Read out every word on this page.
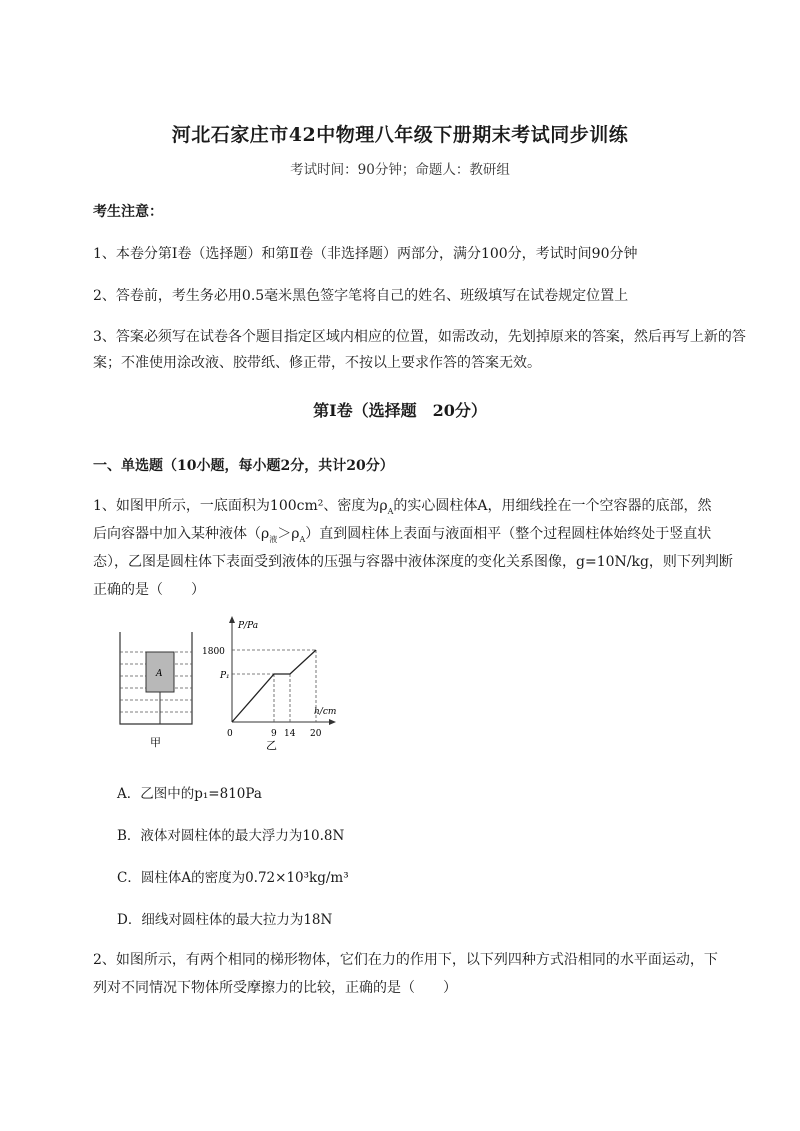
河北石家庄市42中物理八年级下册期末考试同步训练
考试时间：90分钟；命题人：教研组
考生注意：
1、本卷分第I卷（选择题）和第Ⅱ卷（非选择题）两部分，满分100分，考试时间90分钟
2、答卷前，考生务必用0.5毫米黑色签字笔将自己的姓名、班级填写在试卷规定位置上
3、答案必须写在试卷各个题目指定区域内相应的位置，如需改动，先划掉原来的答案，然后再写上新的答案；不准使用涂改液、胶带纸、修正带，不按以上要求作答的答案无效。
第I卷（选择题　20分）
一、单选题（10小题，每小题2分，共计20分）
1、如图甲所示，一底面积为100cm²、密度为$\rho_A$的实心圆柱体A，用细线拴在一个空容器的底部，然
后向容器中加入某种液体$(\rho_液>\rho_A)$直到圆柱体上表面与液面相平（整个过程圆柱体始终处于竖直状
态），乙图是圆柱体下表面受到液体的压强与容器中液体深度的变化关系图像，g=10N/kg，则下列判断
正确的是（　　）
A
甲
P/Pa
h/cm
1800
P₁
0	9 14 20
乙
A．乙图中的p₁=810Pa
B．液体对圆柱体的最大浮力为10.8N
C．圆柱体A的密度为0.72×10³kg/m³
D．细线对圆柱体的最大拉力为18N
2、如图所示，有两个相同的梯形物体，它们在力的作用下，以下列四种方式沿相同的水平面运动，下
列对不同情况下物体所受摩擦力的比较，正确的是（　　）
